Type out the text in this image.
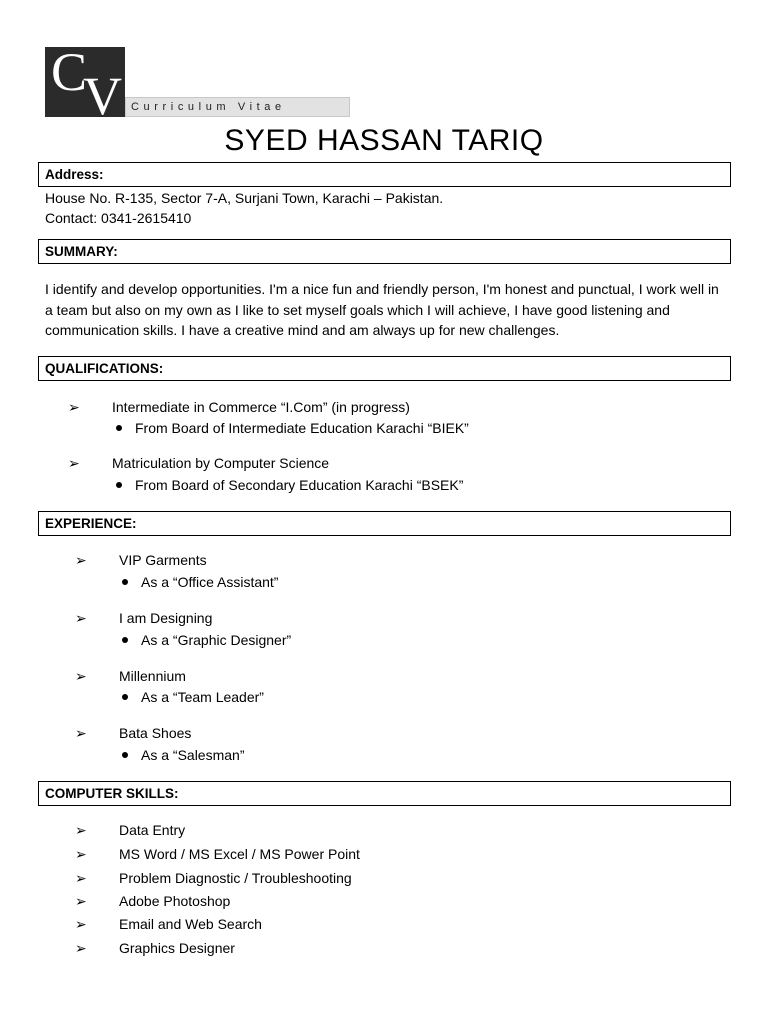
C
V Curriculum Vitae
SYED HASSAN TARIQ
Address:
House No. R-135, Sector 7-A, Surjani Town, Karachi – Pakistan.
Contact: 0341-2615410
SUMMARY:
I identify and develop opportunities. I'm a nice fun and friendly person, I'm honest and punctual, I work well in a team but also on my own as I like to set myself goals which I will achieve, I have good listening and communication skills. I have a creative mind and am always up for new challenges.
QUALIFICATIONS:
➢ Intermediate in Commerce “I.Com” (in progress)
From Board of Intermediate Education Karachi “BIEK”
➢ Matriculation by Computer Science
From Board of Secondary Education Karachi “BSEK”
EXPERIENCE:
➢ VIP Garments
As a “Office Assistant”
➢ I am Designing
As a “Graphic Designer”
➢ Millennium
As a “Team Leader”
➢ Bata Shoes
As a “Salesman”
COMPUTER SKILLS:
➢ Data Entry
➢ MS Word / MS Excel / MS Power Point
➢ Problem Diagnostic / Troubleshooting
➢ Adobe Photoshop
➢ Email and Web Search
➢ Graphics Designer
